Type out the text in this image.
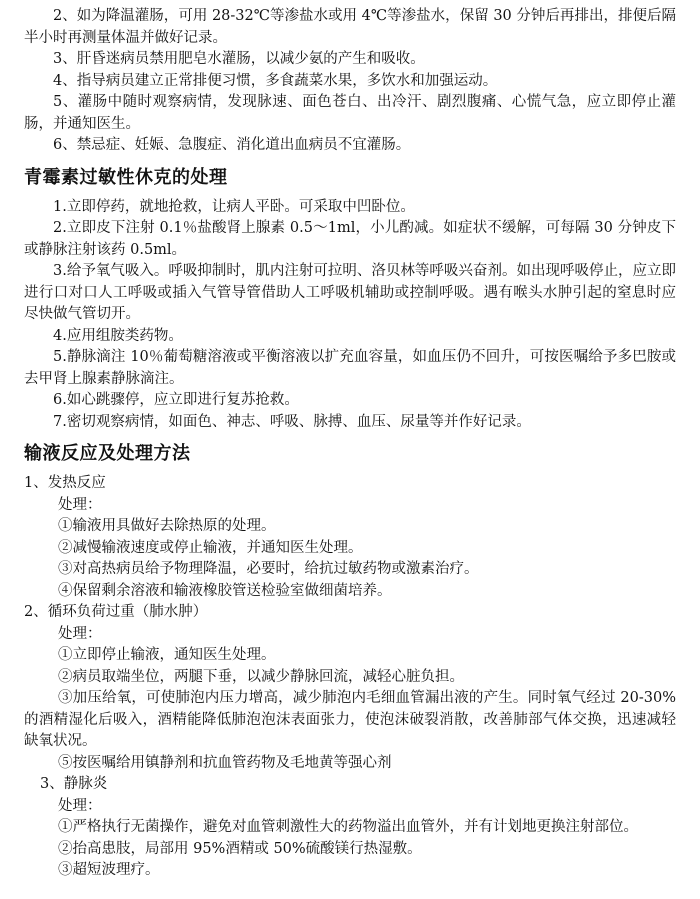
2、如为降温灌肠，可用 28-32℃等渗盐水或用 4℃等渗盐水，保留 30 分钟后再排出，排便后隔半小时再测量体温并做好记录。

3、肝昏迷病员禁用肥皂水灌肠，以减少氨的产生和吸收。

4、指导病员建立正常排便习惯，多食蔬菜水果，多饮水和加强运动。

5、灌肠中随时观察病情，发现脉速、面色苍白、出冷汗、剧烈腹痛、心慌气急，应立即停止灌肠，并通知医生。

6、禁忌症、妊娠、急腹症、消化道出血病员不宜灌肠。

青霉素过敏性休克的处理

1.立即停药，就地抢救，让病人平卧。可采取中凹卧位。

2.立即皮下注射 0.1％盐酸肾上腺素 0.5～1ml，小儿酌减。如症状不缓解，可每隔 30 分钟皮下或静脉注射该药 0.5ml。

3.给予氧气吸入。呼吸抑制时，肌内注射可拉明、洛贝林等呼吸兴奋剂。如出现呼吸停止，应立即进行口对口人工呼吸或插入气管导管借助人工呼吸机辅助或控制呼吸。遇有喉头水肿引起的窒息时应尽快做气管切开。

4.应用组胺类药物。

5.静脉滴注 10％葡萄糖溶液或平衡溶液以扩充血容量，如血压仍不回升，可按医嘱给予多巴胺或去甲肾上腺素静脉滴注。

6.如心跳骤停，应立即进行复苏抢救。

7.密切观察病情，如面色、神志、呼吸、脉搏、血压、尿量等并作好记录。

输液反应及处理方法

1、发热反应

处理：

①输液用具做好去除热原的处理。

②减慢输液速度或停止输液，并通知医生处理。

③对高热病员给予物理降温，必要时，给抗过敏药物或激素治疗。

④保留剩余溶液和输液橡胶管送检验室做细菌培养。

2、循环负荷过重（肺水肿）

处理：

①立即停止输液，通知医生处理。

②病员取端坐位，两腿下垂，以减少静脉回流，减轻心脏负担。

③加压给氧，可使肺泡内压力增高，减少肺泡内毛细血管漏出液的产生。同时氧气经过 20-30%的酒精湿化后吸入，酒精能降低肺泡泡沫表面张力，使泡沫破裂消散，改善肺部气体交换，迅速减轻缺氧状况。

⑤按医嘱给用镇静剂和抗血管药物及毛地黄等强心剂

3、静脉炎

处理：

①严格执行无菌操作，避免对血管刺激性大的药物溢出血管外，并有计划地更换注射部位。

②抬高患肢，局部用 95%酒精或 50%硫酸镁行热湿敷。

③超短波理疗。
